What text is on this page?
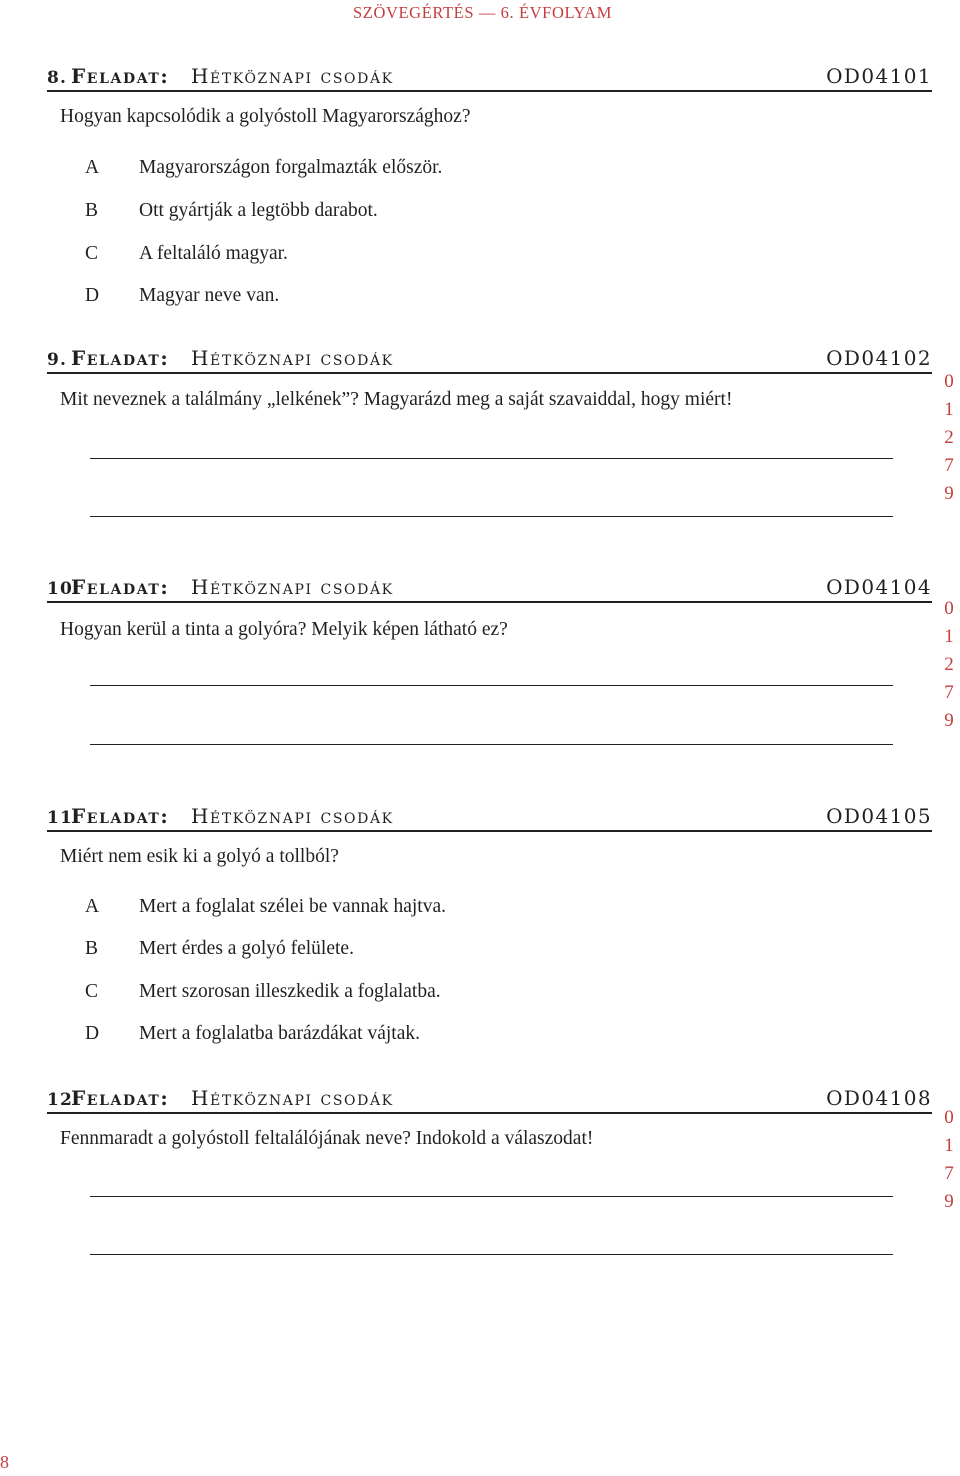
SZÖVEGÉRTÉS — 6. ÉVFOLYAM
8. Feladat: Hétköznapi csodák	OD04101
Hogyan kapcsolódik a golyóstoll Magyarországhoz?
A	Magyarországon forgalmazták először.
B	Ott gyártják a legtöbb darabot.
C	A feltaláló magyar.
D	Magyar neve van.
9. Feladat: Hétköznapi csodák	OD04102
Mit neveznek a találmány „lelkének”? Magyarázd meg a saját szavaiddal, hogy miért!
0
1
2
7
9
10.
Feladat: Hétköznapi csodák	OD04104
Hogyan kerül a tinta a golyóra? Melyik képen látható ez?
0
1
2
7
9
11.
Feladat: Hétköznapi csodák	OD04105
Miért nem esik ki a golyó a tollból?
A	Mert a foglalat szélei be vannak hajtva.
B	Mert érdes a golyó felülete.
C	Mert szorosan illeszkedik a foglalatba.
D	Mert a foglalatba barázdákat vájtak.
12.
Feladat: Hétköznapi csodák	OD04108
Fennmaradt a golyóstoll feltalálójának neve? Indokold a válaszodat!
0
1
7
9
8
